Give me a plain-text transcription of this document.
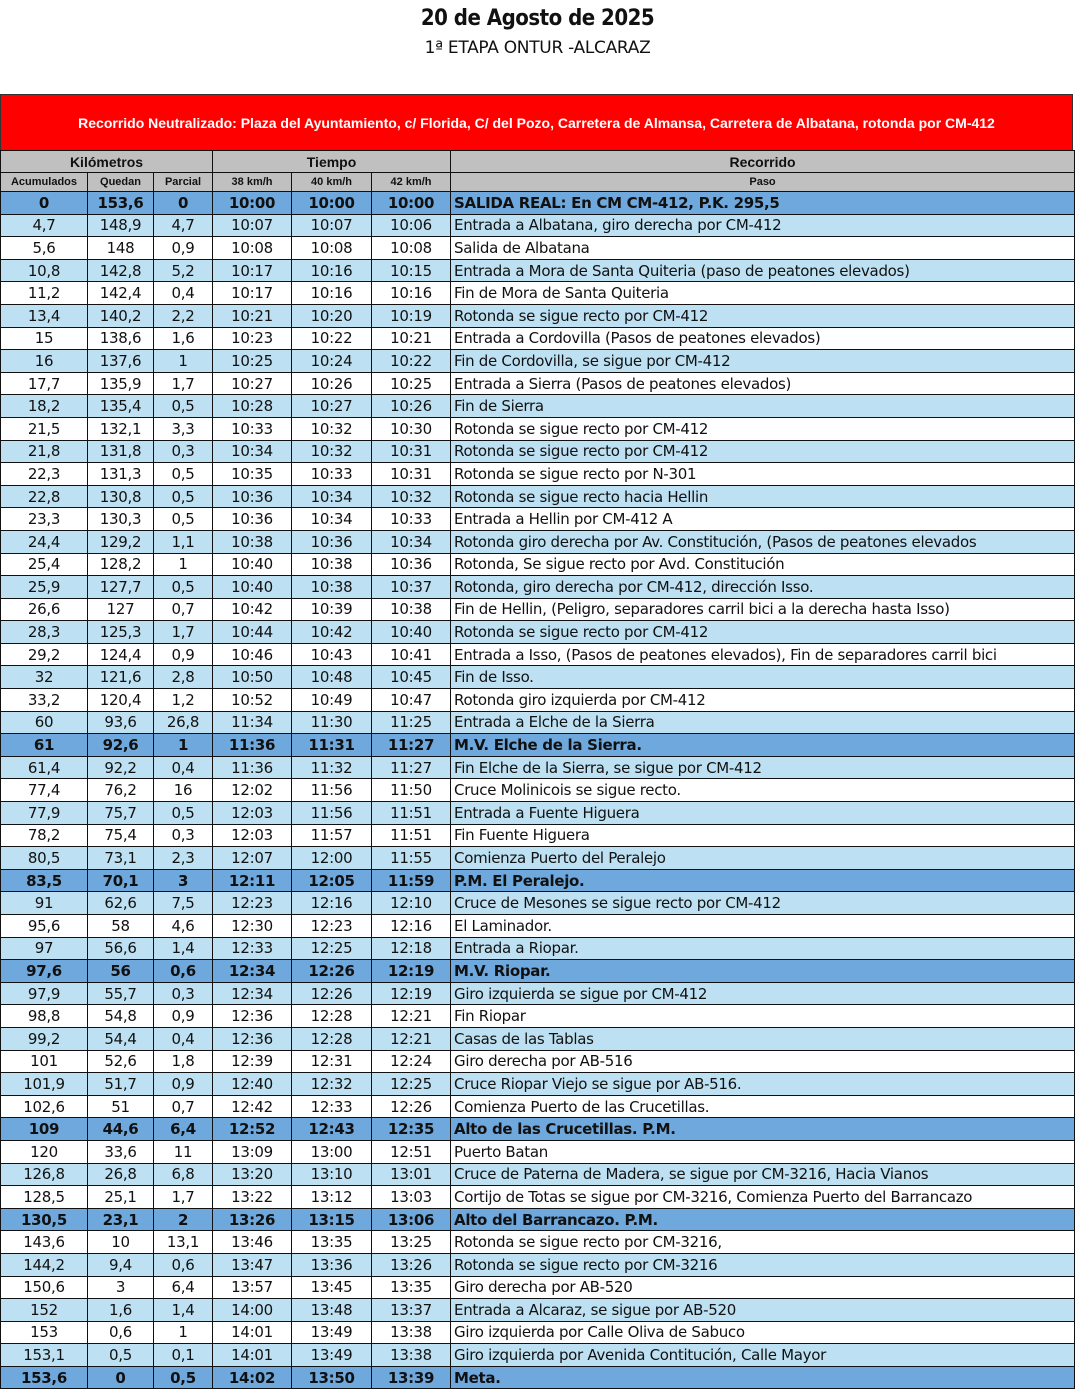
20 de Agosto de 2025
1ª ETAPA ONTUR -ALCARAZ
Recorrido Neutralizado: Plaza del Ayuntamiento, c/ Florida, C/ del Pozo, Carretera de Almansa, Carretera de Albatana, rotonda por CM-412
Kilómetros			Tiempo			Recorrido
Acumulados	Quedan	Parcial	38 km/h	40 km/h	42 km/h	Paso
0	153,6	0	10:00	10:00	10:00	SALIDA REAL: En CM CM-412, P.K. 295,5
4,7	148,9	4,7	10:07	10:07	10:06	Entrada a Albatana, giro derecha por CM-412
5,6	148	0,9	10:08	10:08	10:08	Salida de Albatana
10,8	142,8	5,2	10:17	10:16	10:15	Entrada a Mora de Santa Quiteria (paso de peatones elevados)
11,2	142,4	0,4	10:17	10:16	10:16	Fin de Mora de Santa Quiteria
13,4	140,2	2,2	10:21	10:20	10:19	Rotonda se sigue recto por CM-412
15	138,6	1,6	10:23	10:22	10:21	Entrada a Cordovilla (Pasos de peatones elevados)
16	137,6	1	10:25	10:24	10:22	Fin de Cordovilla, se sigue por CM-412
17,7	135,9	1,7	10:27	10:26	10:25	Entrada a Sierra (Pasos de peatones elevados)
18,2	135,4	0,5	10:28	10:27	10:26	Fin de Sierra
21,5	132,1	3,3	10:33	10:32	10:30	Rotonda se sigue recto por CM-412
21,8	131,8	0,3	10:34	10:32	10:31	Rotonda se sigue recto por CM-412
22,3	131,3	0,5	10:35	10:33	10:31	Rotonda se sigue recto por N-301
22,8	130,8	0,5	10:36	10:34	10:32	Rotonda se sigue recto hacia Hellin
23,3	130,3	0,5	10:36	10:34	10:33	Entrada a Hellin por CM-412 A
24,4	129,2	1,1	10:38	10:36	10:34	Rotonda giro derecha por Av. Constitución, (Pasos de peatones elevados
25,4	128,2	1	10:40	10:38	10:36	Rotonda, Se sigue recto por Avd. Constitución
25,9	127,7	0,5	10:40	10:38	10:37	Rotonda, giro derecha por CM-412, dirección Isso.
26,6	127	0,7	10:42	10:39	10:38	Fin de Hellin, (Peligro, separadores carril bici a la derecha hasta Isso)
28,3	125,3	1,7	10:44	10:42	10:40	Rotonda se sigue recto por CM-412
29,2	124,4	0,9	10:46	10:43	10:41	Entrada a Isso, (Pasos de peatones elevados), Fin de separadores carril bici
32	121,6	2,8	10:50	10:48	10:45	Fin de Isso.
33,2	120,4	1,2	10:52	10:49	10:47	Rotonda giro izquierda por CM-412
60	93,6	26,8	11:34	11:30	11:25	Entrada a Elche de la Sierra
61	92,6	1	11:36	11:31	11:27	M.V. Elche de la Sierra.
61,4	92,2	0,4	11:36	11:32	11:27	Fin Elche de la Sierra, se sigue por CM-412
77,4	76,2	16	12:02	11:56	11:50	Cruce Molinicois se sigue recto.
77,9	75,7	0,5	12:03	11:56	11:51	Entrada a Fuente Higuera
78,2	75,4	0,3	12:03	11:57	11:51	Fin Fuente Higuera
80,5	73,1	2,3	12:07	12:00	11:55	Comienza Puerto del Peralejo
83,5	70,1	3	12:11	12:05	11:59	P.M. El Peralejo.
91	62,6	7,5	12:23	12:16	12:10	Cruce de Mesones se sigue recto por CM-412
95,6	58	4,6	12:30	12:23	12:16	El Laminador.
97	56,6	1,4	12:33	12:25	12:18	Entrada a Riopar.
97,6	56	0,6	12:34	12:26	12:19	M.V. Riopar.
97,9	55,7	0,3	12:34	12:26	12:19	Giro izquierda se sigue por CM-412
98,8	54,8	0,9	12:36	12:28	12:21	Fin Riopar
99,2	54,4	0,4	12:36	12:28	12:21	Casas de las Tablas
101	52,6	1,8	12:39	12:31	12:24	Giro derecha por AB-516
101,9	51,7	0,9	12:40	12:32	12:25	Cruce Riopar Viejo se sigue por AB-516.
102,6	51	0,7	12:42	12:33	12:26	Comienza Puerto de las Crucetillas.
109	44,6	6,4	12:52	12:43	12:35	Alto de las Crucetillas. P.M.
120	33,6	11	13:09	13:00	12:51	Puerto Batan
126,8	26,8	6,8	13:20	13:10	13:01	Cruce de Paterna de Madera, se sigue por CM-3216, Hacia Vianos
128,5	25,1	1,7	13:22	13:12	13:03	Cortijo de Totas se sigue por CM-3216, Comienza Puerto del Barrancazo
130,5	23,1	2	13:26	13:15	13:06	Alto del Barrancazo. P.M.
143,6	10	13,1	13:46	13:35	13:25	Rotonda se sigue recto por CM-3216,
144,2	9,4	0,6	13:47	13:36	13:26	Rotonda se sigue recto por CM-3216
150,6	3	6,4	13:57	13:45	13:35	Giro derecha por AB-520
152	1,6	1,4	14:00	13:48	13:37	Entrada a Alcaraz, se sigue por AB-520
153	0,6	1	14:01	13:49	13:38	Giro izquierda por Calle Oliva de Sabuco
153,1	0,5	0,1	14:01	13:49	13:38	Giro izquierda por Avenida Contitución, Calle Mayor
153,6	0	0,5	14:02	13:50	13:39	Meta.
